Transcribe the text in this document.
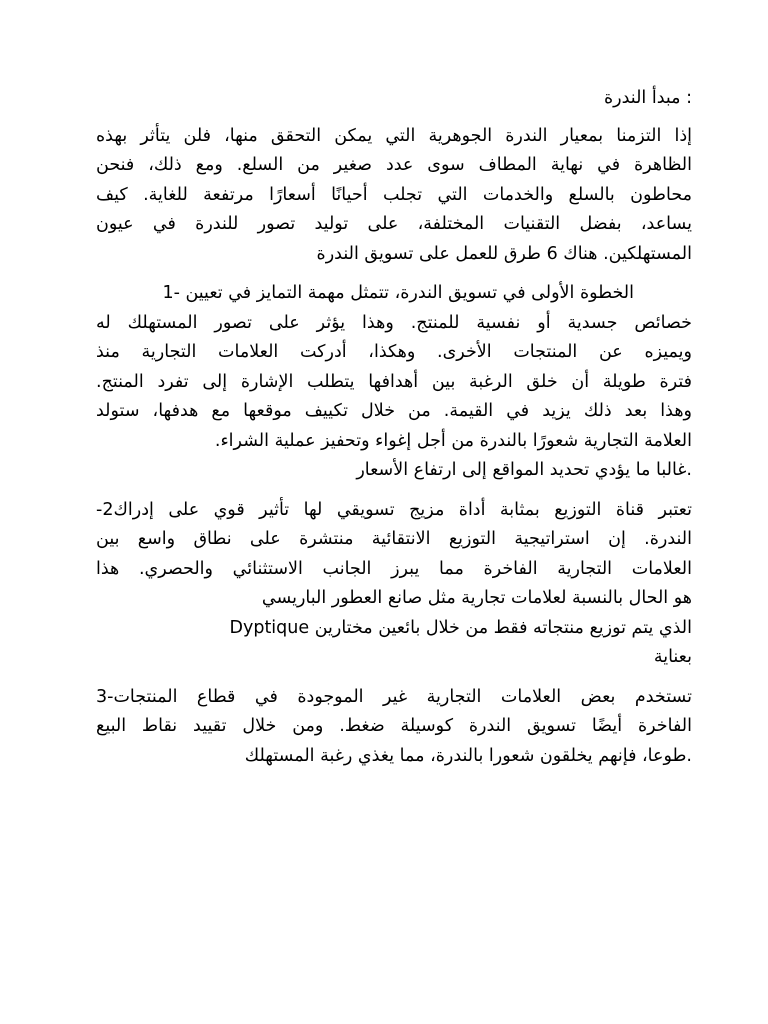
: مبدأ الندرة

إذا التزمنا بمعيار الندرة الجوهرية التي يمكن التحقق منها، فلن يتأثر بهذه
الظاهرة في نهاية المطاف سوى عدد صغير من السلع. ومع ذلك، فنحن
محاطون بالسلع والخدمات التي تجلب أحيانًا أسعارًا مرتفعة للغاية. كيف
يساعد، بفضل التقنيات المختلفة، على توليد تصور للندرة في عيون
المستهلكين. هناك 6 طرق للعمل على تسويق الندرة
الخطوة الأولى في تسويق الندرة، تتمثل مهمة التمايز في تعيين -1
خصائص جسدية أو نفسية للمنتج. وهذا يؤثر على تصور المستهلك له
ويميزه عن المنتجات الأخرى. وهكذا، أدركت العلامات التجارية منذ
فترة طويلة أن خلق الرغبة بين أهدافها يتطلب الإشارة إلى تفرد المنتج.
وهذا بعد ذلك يزيد في القيمة. من خلال تكييف موقعها مع هدفها، ستولد
العلامة التجارية شعورًا بالندرة من أجل إغواء وتحفيز عملية الشراء.
.غالبا ما يؤدي تحديد المواقع إلى ارتفاع الأسعار
تعتبر قناة التوزيع بمثابة أداة مزيج تسويقي لها تأثير قوي على إدراك2-
الندرة. إن استراتيجية التوزيع الانتقائية منتشرة على نطاق واسع بين
العلامات التجارية الفاخرة مما يبرز الجانب الاستثنائي والحصري. هذا
هو الحال بالنسبة لعلامات تجارية مثل صانع العطور الباريسي
الذي يتم توزيع منتجاته فقط من خلال بائعين مختارين Dyptique
بعناية
تستخدم بعض العلامات التجارية غير الموجودة في قطاع المنتجات-3
الفاخرة أيضًا تسويق الندرة كوسيلة ضغط. ومن خلال تقييد نقاط البيع
.طوعا، فإنهم يخلقون شعورا بالندرة، مما يغذي رغبة المستهلك
